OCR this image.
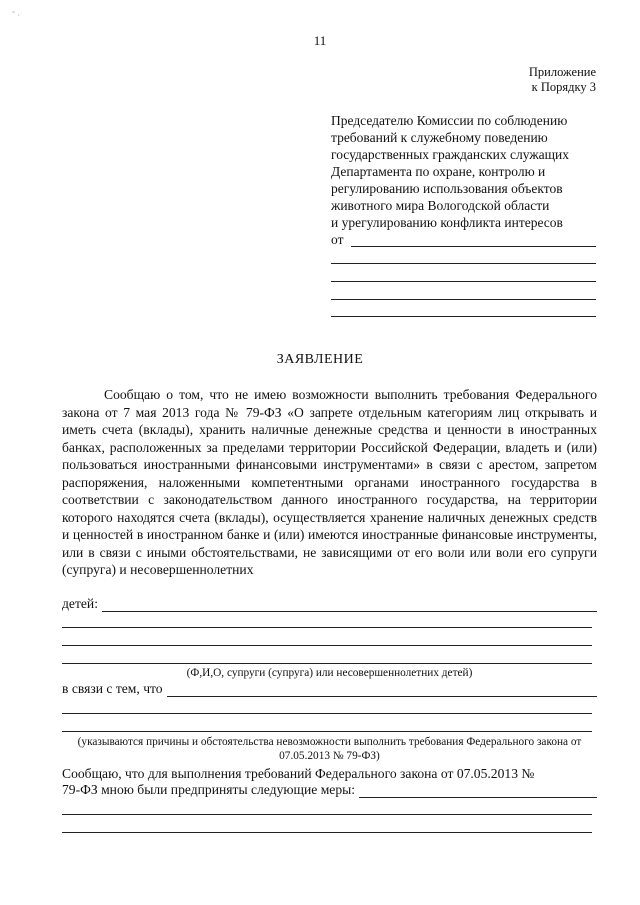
˜ ·
11
Приложение
к Порядку 3
Председателю Комиссии по соблюдению
требований к служебному поведению
государственных гражданских служащих
Департамента по охране, контролю и
регулированию использования объектов
животного мира Вологодской области
и урегулированию конфликта интересов
от
ЗАЯВЛЕНИЕ
Сообщаю о том, что не имею возможности выполнить требования Федерального закона от 7 мая 2013 года № 79-ФЗ «О запрете отдельным категориям лиц открывать и иметь счета (вклады), хранить наличные денежные средства и ценности в иностранных банках, расположенных за пределами территории Российской Федерации, владеть и (или) пользоваться иностранными финансовыми инструментами» в связи с арестом, запретом распоряжения, наложенными компетентными органами иностранного государства в соответствии с законодательством данного иностранного государства, на территории которого находятся счета (вклады), осуществляется хранение наличных денежных средств и ценностей в иностранном банке и (или) имеются иностранные финансовые инструменты, или в связи с иными обстоятельствами, не зависящими от его воли или воли его супруги (супруга) и несовершеннолетних
детей:
(Ф,И,О, супруги (супруга) или несовершеннолетних детей)
в связи с тем, что
(указываются причины и обстоятельства невозможности выполнить требования Федерального закона от 07.05.2013 № 79-ФЗ)
Сообщаю, что для выполнения требований Федерального закона от 07.05.2013 №
79-ФЗ мною были предприняты следующие меры:
